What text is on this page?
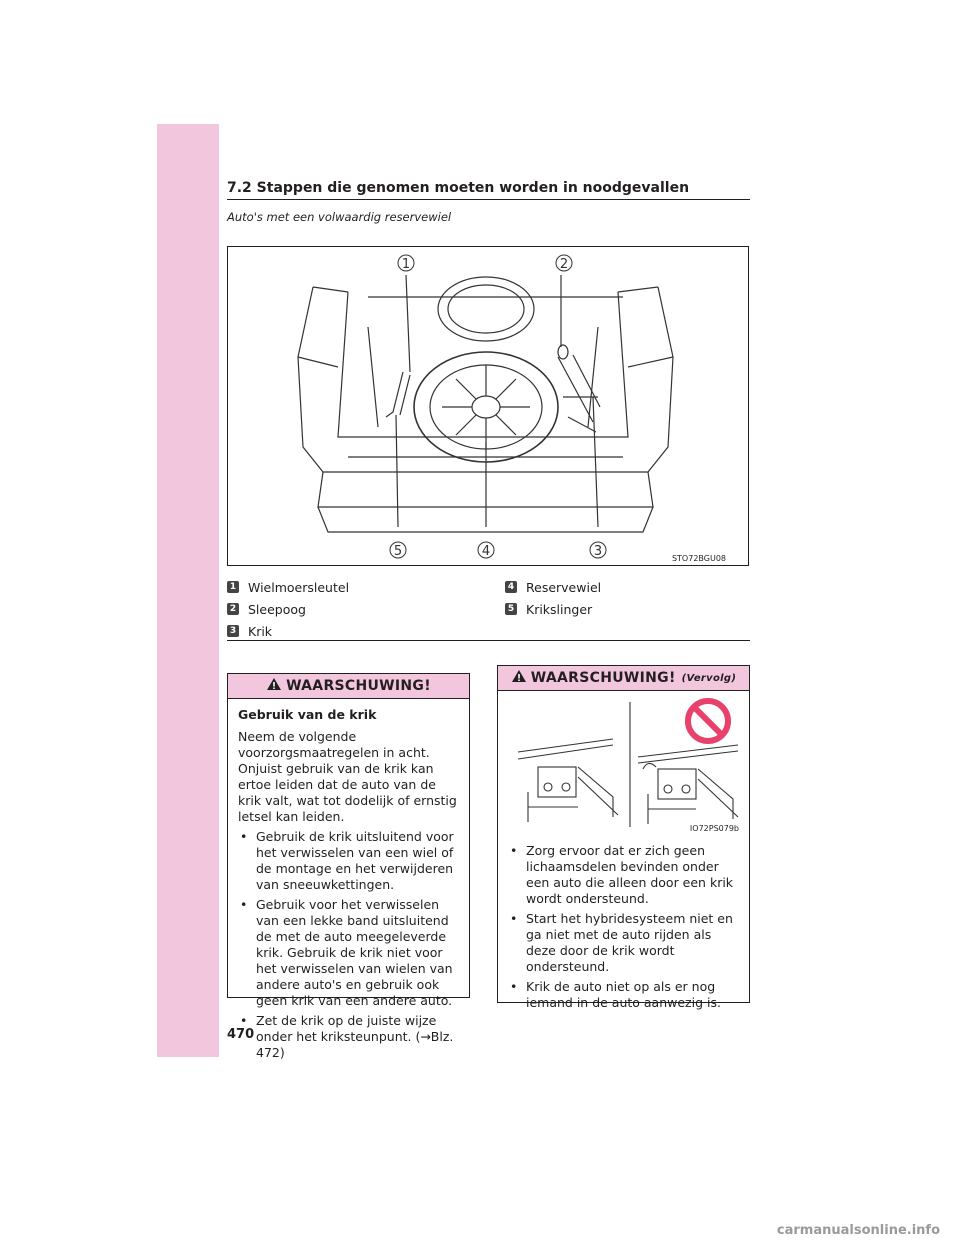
7.2 Stappen die genomen moeten worden in noodgevallen
Auto's met een volwaardig reservewiel
1	2
3
4
5	STO72BGU08
1 Wielmoersleutel
2 Sleepoog
3 Krik
4 Reservewiel
5 Krikslinger
WAARSCHUWING!
Gebruik van de krik

Neem de volgende voorzorgsmaatregelen in acht. Onjuist gebruik van de krik kan ertoe leiden dat de auto van de krik valt, wat tot dodelijk of ernstig letsel kan leiden.

• Gebruik de krik uitsluitend voor het verwisselen van een wiel of de montage en het verwijderen van sneeuwkettingen.
• Gebruik voor het verwisselen van een lekke band uitsluitend de met de auto meegeleverde krik. Gebruik de krik niet voor het verwisselen van wielen van andere auto's en gebruik ook geen krik van een andere auto.
• Zet de krik op de juiste wijze onder het kriksteunpunt. (→Blz. 472)
WAARSCHUWING! (Vervolg)
IO72PS079b
• Zorg ervoor dat er zich geen lichaamsdelen bevinden onder een auto die alleen door een krik wordt ondersteund.
• Start het hybridesysteem niet en ga niet met de auto rijden als deze door de krik wordt ondersteund.
• Krik de auto niet op als er nog iemand in de auto aanwezig is.
470
carmanualsonline.info
